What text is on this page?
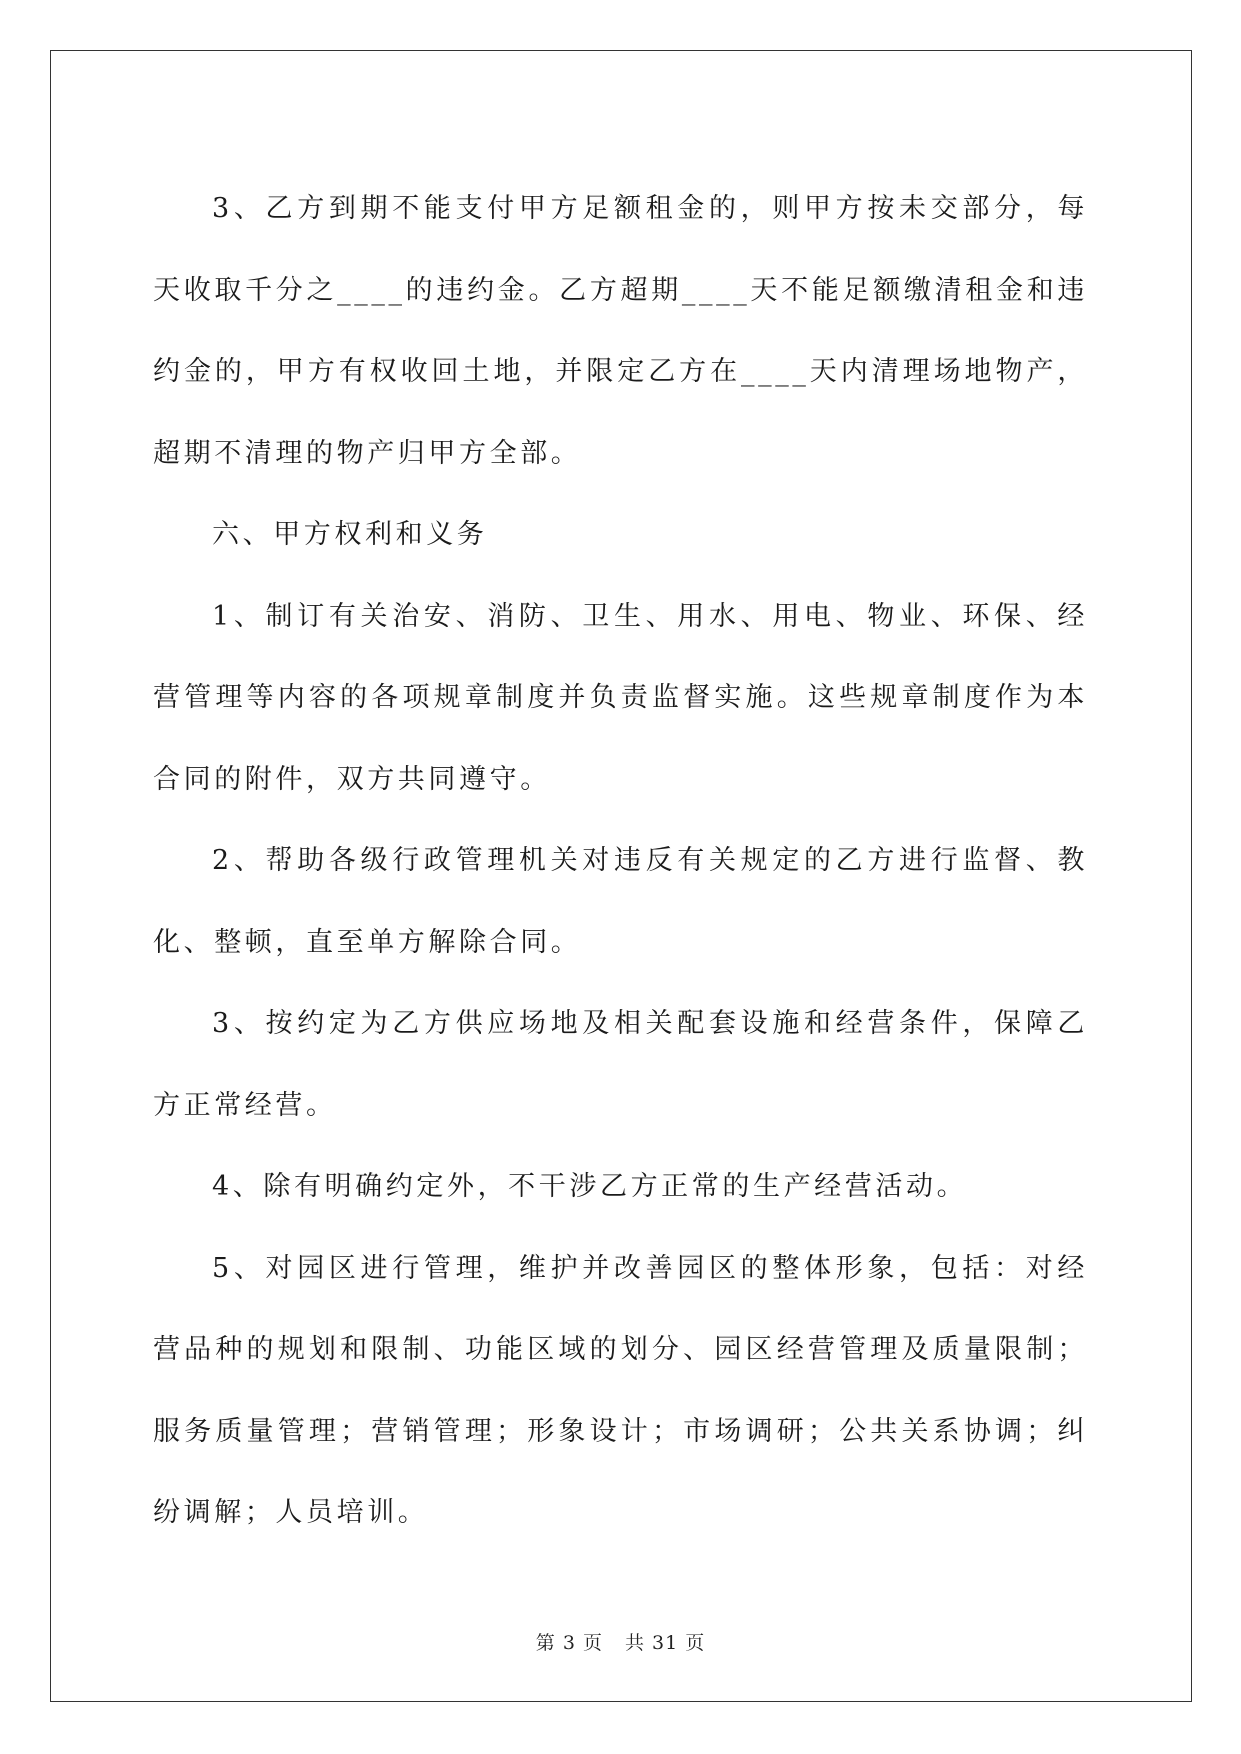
3、乙方到期不能支付甲方足额租金的，则甲方按未交部分，每天收取千分之____的违约金。乙方超期____天不能足额缴清租金和违约金的，甲方有权收回土地，并限定乙方在____天内清理场地物产，超期不清理的物产归甲方全部。

六、甲方权利和义务

1、制订有关治安、消防、卫生、用水、用电、物业、环保、经营管理等内容的各项规章制度并负责监督实施。这些规章制度作为本合同的附件，双方共同遵守。

2、帮助各级行政管理机关对违反有关规定的乙方进行监督、教化、整顿，直至单方解除合同。

3、按约定为乙方供应场地及相关配套设施和经营条件，保障乙方正常经营。

4、除有明确约定外，不干涉乙方正常的生产经营活动。

5、对园区进行管理，维护并改善园区的整体形象，包括：对经营品种的规划和限制、功能区域的划分、园区经营管理及质量限制；服务质量管理；营销管理；形象设计；市场调研；公共关系协调；纠纷调解；人员培训。

第 3 页 共 31 页
